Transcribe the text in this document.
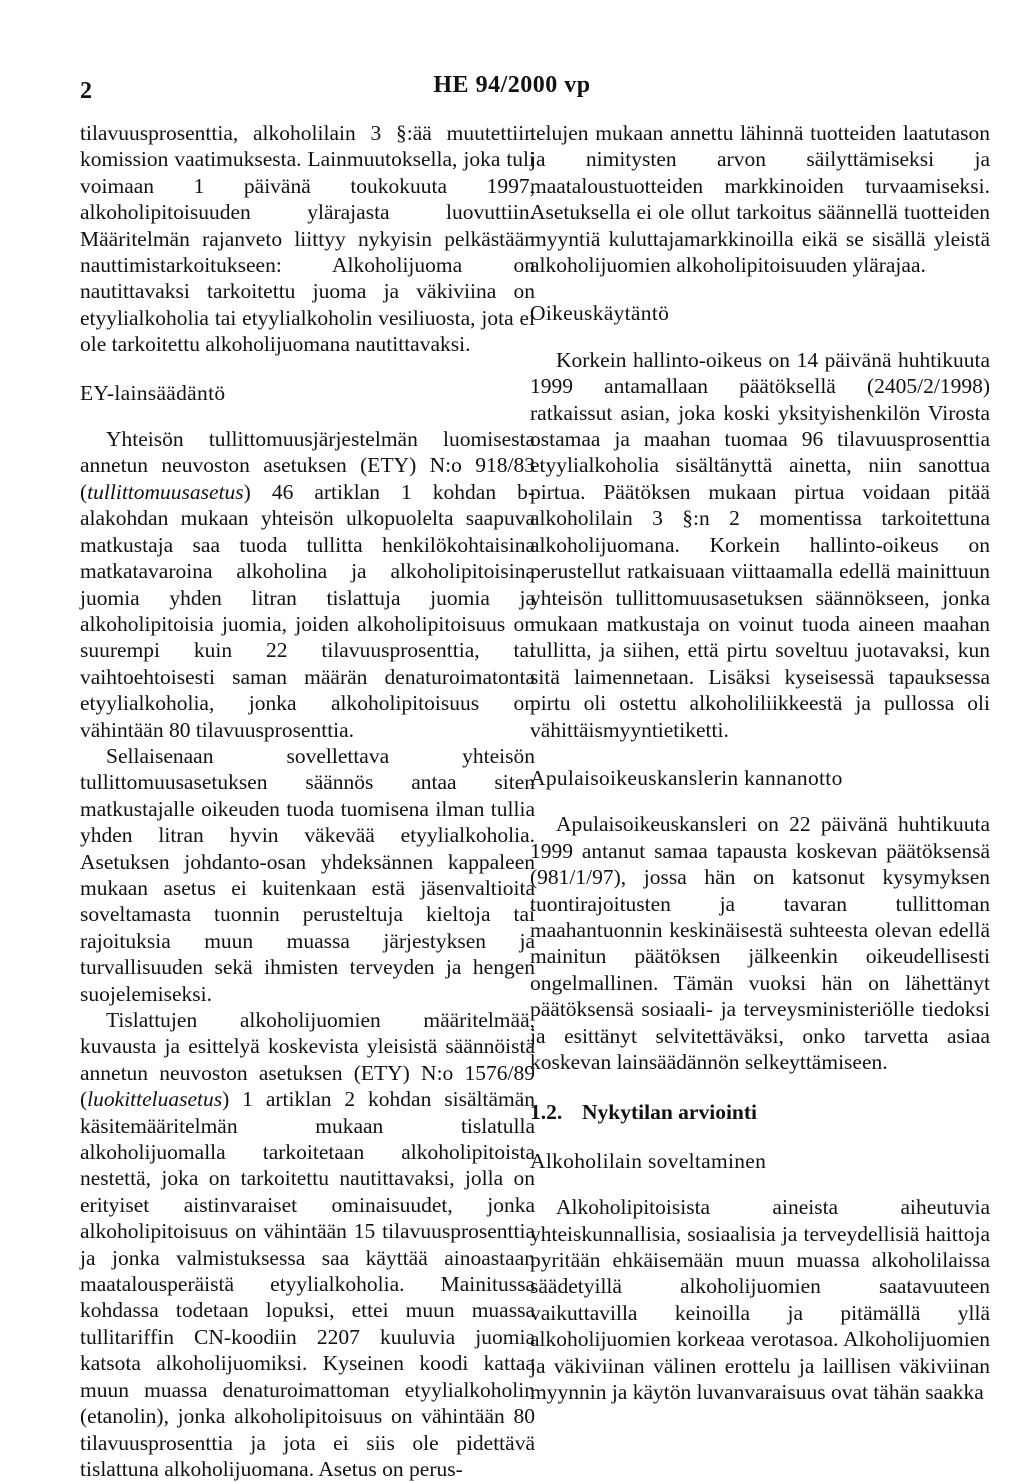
2	HE 94/2000 vp

tilavuusprosenttia, alkoholilain 3 §:ää muutettiin komission vaatimuksesta. Lainmuutoksella, joka tuli voimaan 1 päivänä toukokuuta 1997, alkoholipitoisuuden ylärajasta luovuttiin. Määritelmän rajanveto liittyy nykyisin pelkästään nauttimistarkoitukseen: Alkoholijuoma on nautittavaksi tarkoitettu juoma ja väkiviina on etyylialkoholia tai etyylialkoholin vesiliuosta, jota ei ole tarkoitettu alkoholijuomana nautittavaksi.

EY-lainsäädäntö

Yhteisön tullittomuusjärjestelmän luomisesta annetun neuvoston asetuksen (ETY) N:o 918/83 (tullittomuusasetus) 46 artiklan 1 kohdan b-alakohdan mukaan yhteisön ulkopuolelta saapuva matkustaja saa tuoda tullitta henkilökohtaisina matkatavaroina alkoholina ja alkoholipitoisina juomia yhden litran tislattuja juomia ja alkoholipitoisia juomia, joiden alkoholipitoisuus on suurempi kuin 22 tilavuusprosenttia, tai vaihtoehtoisesti saman määrän denaturoimatonta etyylialkoholia, jonka alkoholipitoisuus on vähintään 80 tilavuusprosenttia.

Sellaisenaan sovellettava yhteisön tullittomuusasetuksen säännös antaa siten matkustajalle oikeuden tuoda tuomisena ilman tullia yhden litran hyvin väkevää etyylialkoholia. Asetuksen johdanto-osan yhdeksännen kappaleen mukaan asetus ei kuitenkaan estä jäsenvaltioita soveltamasta tuonnin perusteltuja kieltoja tai rajoituksia muun muassa järjestyksen ja turvallisuuden sekä ihmisten terveyden ja hengen suojelemiseksi.

Tislattujen alkoholijuomien määritelmää, kuvausta ja esittelyä koskevista yleisistä säännöistä annetun neuvoston asetuksen (ETY) N:o 1576/89 (luokitteluasetus) 1 artiklan 2 kohdan sisältämän käsitemääritelmän mukaan tislatulla alkoholijuomalla tarkoitetaan alkoholipitoista nestettä, joka on tarkoitettu nautittavaksi, jolla on erityiset aistinvaraiset ominaisuudet, jonka alkoholipitoisuus on vähintään 15 tilavuusprosenttia ja jonka valmistuksessa saa käyttää ainoastaan maatalousperäistä etyylialkoholia. Mainitussa kohdassa todetaan lopuksi, ettei muun muassa tullitariffin CN-koodiin 2207 kuuluvia juomia katsota alkoholijuomiksi. Kyseinen koodi kattaa muun muassa denaturoimattoman etyylialkoholin (etanolin), jonka alkoholipitoisuus on vähintään 80 tilavuusprosenttia ja jota ei siis ole pidettävä tislattuna alkoholijuomana. Asetus on perus-

telujen mukaan annettu lähinnä tuotteiden laatutason ja nimitysten arvon säilyttämiseksi ja maataloustuotteiden markkinoiden turvaamiseksi. Asetuksella ei ole ollut tarkoitus säännellä tuotteiden myyntiä kuluttajamarkkinoilla eikä se sisällä yleistä alkoholijuomien alkoholipitoisuuden ylärajaa.

Oikeuskäytäntö

Korkein hallinto-oikeus on 14 päivänä huhtikuuta 1999 antamallaan päätöksellä (2405/2/1998) ratkaissut asian, joka koski yksityishenkilön Virosta ostamaa ja maahan tuomaa 96 tilavuusprosenttia etyylialkoholia sisältänyttä ainetta, niin sanottua pirtua. Päätöksen mukaan pirtua voidaan pitää alkoholilain 3 §:n 2 momentissa tarkoitettuna alkoholijuomana. Korkein hallinto-oikeus on perustellut ratkaisuaan viittaamalla edellä mainittuun yhteisön tullittomuusasetuksen säännökseen, jonka mukaan matkustaja on voinut tuoda aineen maahan tullitta, ja siihen, että pirtu soveltuu juotavaksi, kun sitä laimennetaan. Lisäksi kyseisessä tapauksessa pirtu oli ostettu alkoholiliikkeestä ja pullossa oli vähittäismyyntietiketti.

Apulaisoikeuskanslerin kannanotto

Apulaisoikeuskansleri on 22 päivänä huhtikuuta 1999 antanut samaa tapausta koskevan päätöksensä (981/1/97), jossa hän on katsonut kysymyksen tuontirajoitusten ja tavaran tullittoman maahantuonnin keskinäisestä suhteesta olevan edellä mainitun päätöksen jälkeenkin oikeudellisesti ongelmallinen. Tämän vuoksi hän on lähettänyt päätöksensä sosiaali- ja terveysministeriölle tiedoksi ja esittänyt selvitettäväksi, onko tarvetta asiaa koskevan lainsäädännön selkeyttämiseen.

1.2. Nykytilan arviointi
Alkoholilain soveltaminen

Alkoholipitoisista aineista aiheutuvia yhteiskunnallisia, sosiaalisia ja terveydellisiä haittoja pyritään ehkäisemään muun muassa alkoholilaissa säädetyillä alkoholijuomien saatavuuteen vaikuttavilla keinoilla ja pitämällä yllä alkoholijuomien korkeaa verotasoa. Alkoholijuomien ja väkiviinan välinen erottelu ja laillisen väkiviinan myynnin ja käytön luvanvaraisuus ovat tähän saakka
